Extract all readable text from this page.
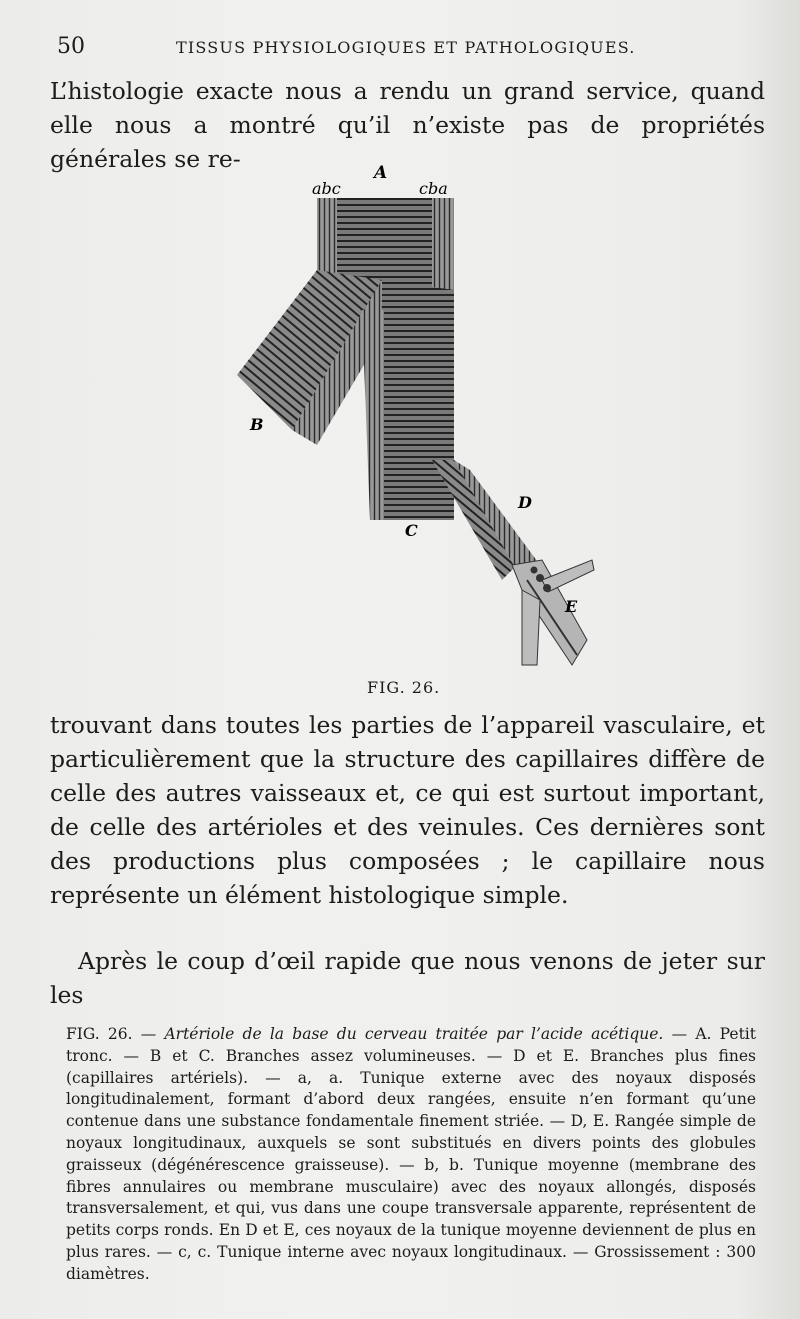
50	TISSUS PHYSIOLOGIQUES ET PATHOLOGIQUES.
L’histologie exacte nous a rendu un grand service, quand elle nous a montré qu’il n’existe pas de propriétés générales se re-
abc
A
cba
B
C
D
E
FIG. 26.
trouvant dans toutes les parties de l’appareil vasculaire, et particulièrement que la structure des capillaires diffère de celle des autres vaisseaux et, ce qui est surtout important, de celle des artérioles et des veinules. Ces dernières sont des productions plus composées ; le capillaire nous représente un élément histologique simple.
Après le coup d’œil rapide que nous venons de jeter sur les
FIG. 26. — Artériole de la base du cerveau traitée par l’acide acétique. — A. Petit tronc. — B et C. Branches assez volumineuses. — D et E. Branches plus fines (capillaires artériels). — a, a. Tunique externe avec des noyaux disposés longitudinalement, formant d’abord deux rangées, ensuite n’en formant qu’une contenue dans une substance fondamentale finement striée. — D, E. Rangée simple de noyaux longitudinaux, auxquels se sont substitués en divers points des globules graisseux (dégénérescence graisseuse). — b, b. Tunique moyenne (membrane des fibres annulaires ou membrane musculaire) avec des noyaux allongés, disposés transversalement, et qui, vus dans une coupe transversale apparente, représentent de petits corps ronds. En D et E, ces noyaux de la tunique moyenne deviennent de plus en plus rares. — c, c. Tunique interne avec noyaux longitudinaux. — Grossissement : 300 diamètres.
